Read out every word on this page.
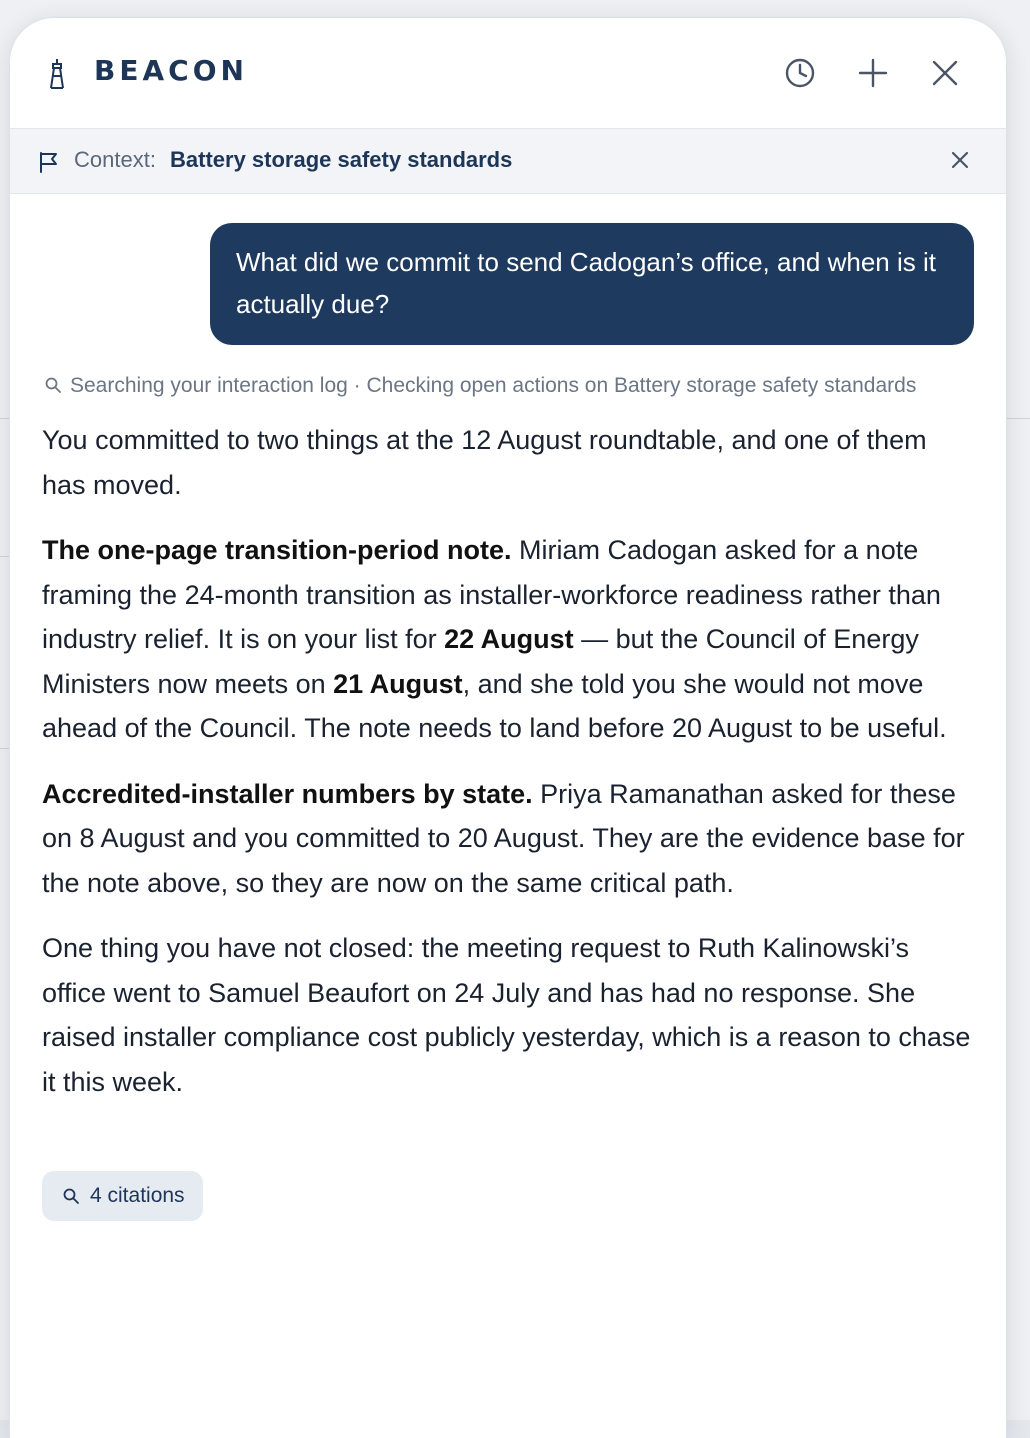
BEACON
Context: Battery storage safety standards
What did we commit to send Cadogan’s office, and when is it actually due?
Searching your interaction log · Checking open actions on Battery storage safety standards

You committed to two things at the 12 August roundtable, and one of them has moved.

The one-page transition-period note. Miriam Cadogan asked for a note framing the 24-month transition as installer-workforce readiness rather than industry relief. It is on your list for 22 August — but the Council of Energy Ministers now meets on 21 August, and she told you she would not move ahead of the Council. The note needs to land before 20 August to be useful.

Accredited-installer numbers by state. Priya Ramanathan asked for these on 8 August and you committed to 20 August. They are the evidence base for the note above, so they are now on the same critical path.

One thing you have not closed: the meeting request to Ruth Kalinowski’s office went to Samuel Beaufort on 24 July and has had no response. She raised installer compliance cost publicly yesterday, which is a reason to chase it this week.

4 citations
